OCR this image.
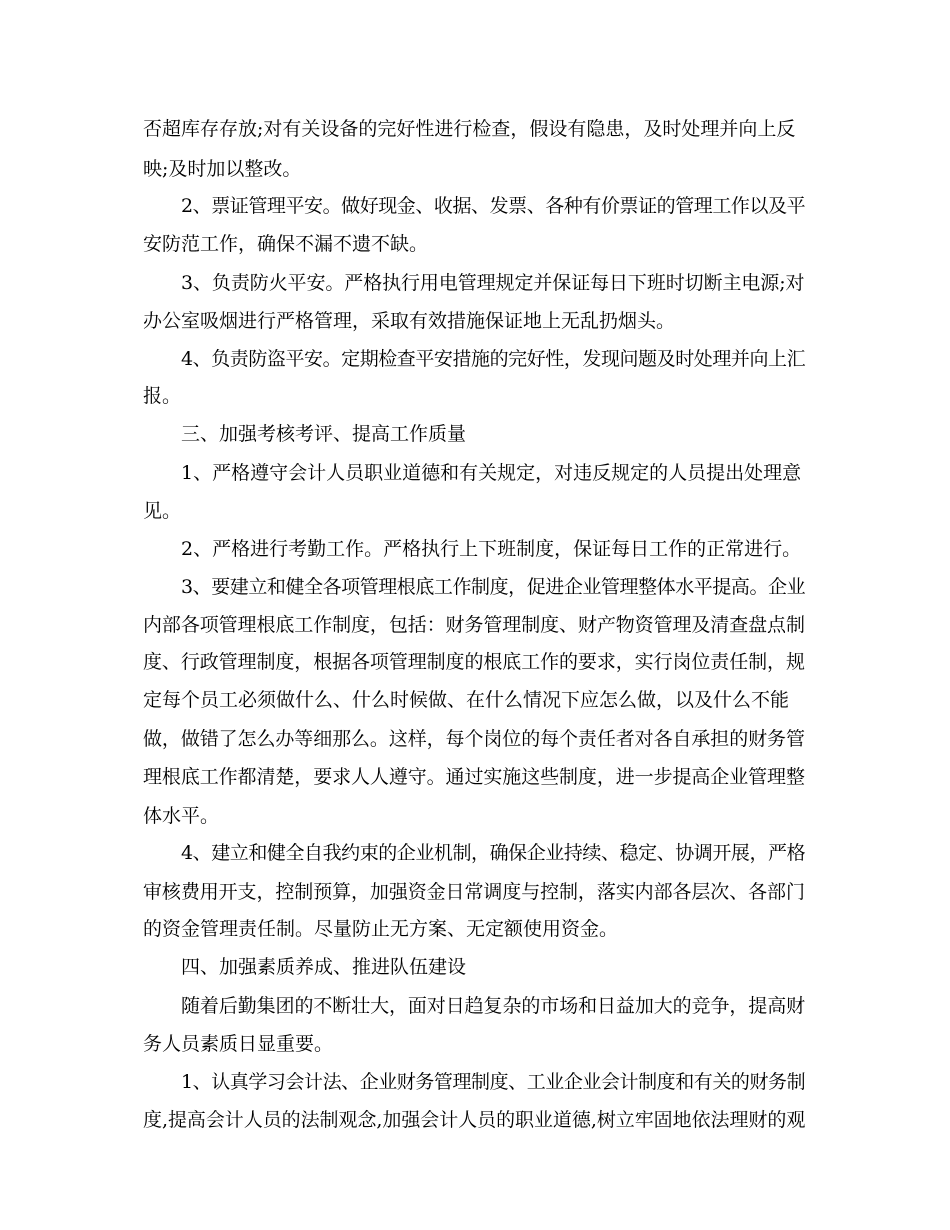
否超库存存放;对有关设备的完好性进行检查，假设有隐患，及时处理并向上反
映;及时加以整改。
2、票证管理平安。做好现金、收据、发票、各种有价票证的管理工作以及平
安防范工作，确保不漏不遗不缺。
3、负责防火平安。严格执行用电管理规定并保证每日下班时切断主电源;对
办公室吸烟进行严格管理，采取有效措施保证地上无乱扔烟头。
4、负责防盗平安。定期检查平安措施的完好性，发现问题及时处理并向上汇
报。
三、加强考核考评、提高工作质量
1、严格遵守会计人员职业道德和有关规定，对违反规定的人员提出处理意
见。
2、严格进行考勤工作。严格执行上下班制度，保证每日工作的正常进行。
3、要建立和健全各项管理根底工作制度，促进企业管理整体水平提高。企业
内部各项管理根底工作制度，包括：财务管理制度、财产物资管理及清查盘点制
度、行政管理制度，根据各项管理制度的根底工作的要求，实行岗位责任制，规
定每个员工必须做什么、什么时候做、在什么情况下应怎么做，以及什么不能
做，做错了怎么办等细那么。这样，每个岗位的每个责任者对各自承担的财务管
理根底工作都清楚，要求人人遵守。通过实施这些制度，进一步提高企业管理整
体水平。
4、建立和健全自我约束的企业机制，确保企业持续、稳定、协调开展，严格
审核费用开支，控制预算，加强资金日常调度与控制，落实内部各层次、各部门
的资金管理责任制。尽量防止无方案、无定额使用资金。
四、加强素质养成、推进队伍建设
随着后勤集团的不断壮大，面对日趋复杂的市场和日益加大的竞争，提高财
务人员素质日显重要。
1、认真学习会计法、企业财务管理制度、工业企业会计制度和有关的财务制
度,提高会计人员的法制观念,加强会计人员的职业道德,树立牢固地依法理财的观
